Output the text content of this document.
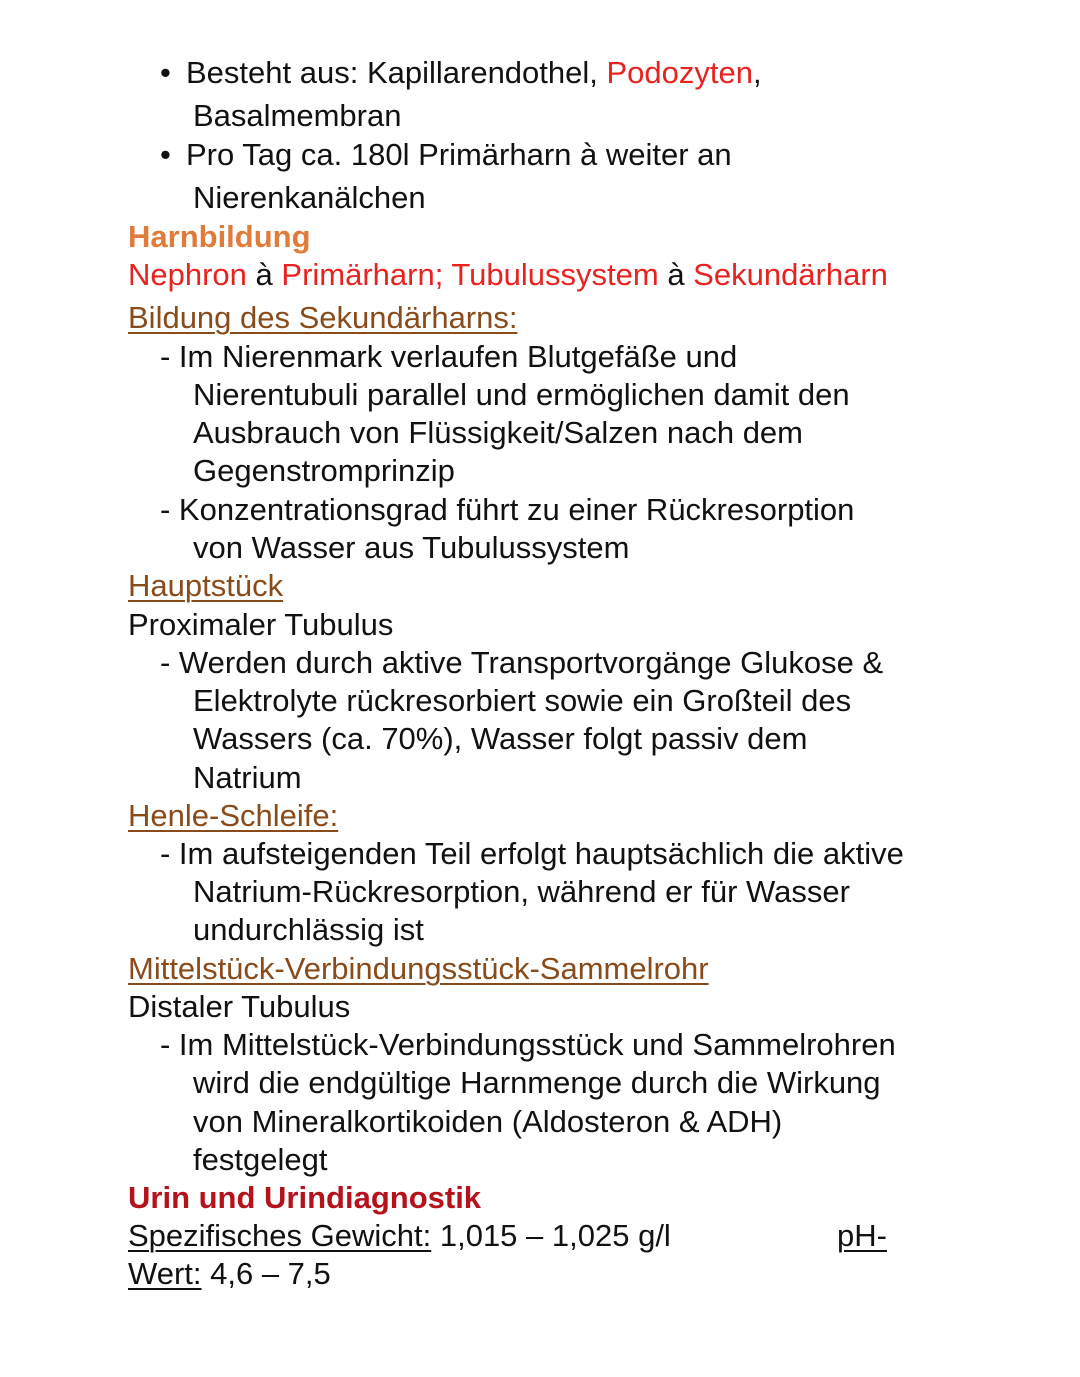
• Besteht aus: Kapillarendothel, Podozyten,
Basalmembran
• Pro Tag ca. 180l Primärharn à weiter an
Nierenkanälchen
Harnbildung
Nephron à Primärharn; Tubulussystem à Sekundärharn
Bildung des Sekundärharns:
- Im Nierenmark verlaufen Blutgefäße und
Nierentubuli parallel und ermöglichen damit den
Ausbrauch von Flüssigkeit/Salzen nach dem
Gegenstromprinzip
- Konzentrationsgrad führt zu einer Rückresorption
von Wasser aus Tubulussystem
Hauptstück
Proximaler Tubulus
- Werden durch aktive Transportvorgänge Glukose &
Elektrolyte rückresorbiert sowie ein Großteil des
Wassers (ca. 70%), Wasser folgt passiv dem
Natrium
Henle-Schleife:
- Im aufsteigenden Teil erfolgt hauptsächlich die aktive
Natrium-Rückresorption, während er für Wasser
undurchlässig ist
Mittelstück-Verbindungsstück-Sammelrohr
Distaler Tubulus
- Im Mittelstück-Verbindungsstück und Sammelrohren
wird die endgültige Harnmenge durch die Wirkung
von Mineralkortikoiden (Aldosteron & ADH)
festgelegt
Urin und Urindiagnostik
Spezifisches Gewicht: 1,015 – 1,025 g/l	pH-
Wert: 4,6 – 7,5
